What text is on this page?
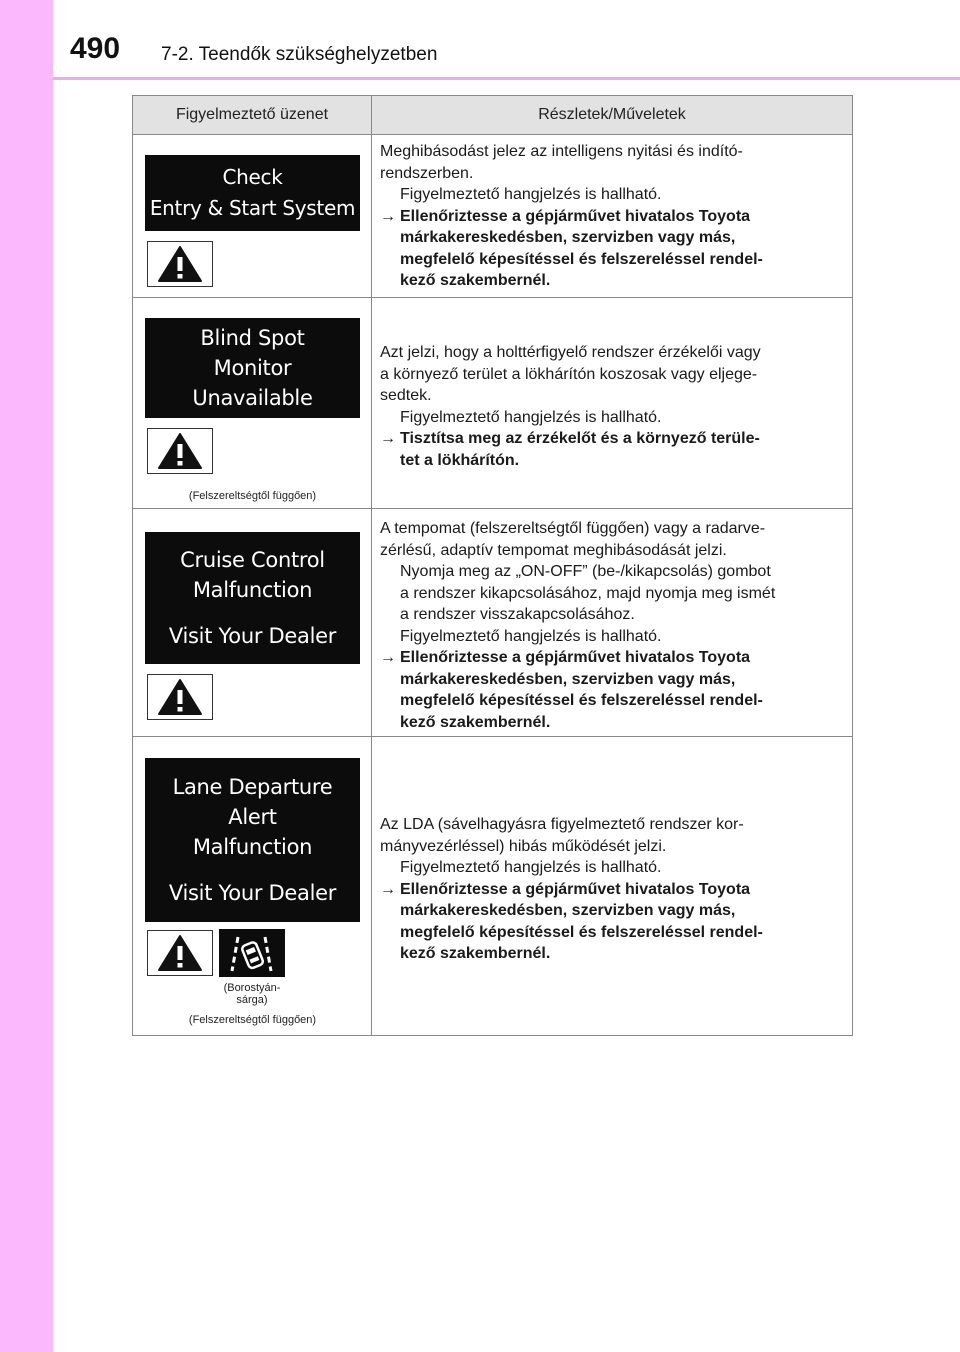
490 7-2. Teendők szükséghelyzetben
Figyelmeztető üzenet	Részletek/Műveletek
Check
Entry & Start System

Meghibásodást jelez az intelligens nyitási és indító-

rendszerben.

Figyelmeztető hangjelzés is hallható.

→ Ellenőriztesse a gépjárművet hivatalos Toyota
márkakereskedésben, szervizben vagy más,
megfelelő képesítéssel és felszereléssel rendel-
kező szakembernél.
Blind Spot
Monitor
Unavailable
(Felszereltségtől függően)

Azt jelzi, hogy a holttérfigyelő rendszer érzékelői vagy

a környező terület a lökhárítón koszosak vagy eljege-

sedtek.

Figyelmeztető hangjelzés is hallható.

→ Tisztítsa meg az érzékelőt és a környező terüle-
tet a lökhárítón.
Cruise Control
Malfunction
Visit Your Dealer

A tempomat (felszereltségtől függően) vagy a radarve-

zérlésű, adaptív tempomat meghibásodását jelzi.

Nyomja meg az „ON-OFF” (be-/kikapcsolás) gombot

a rendszer kikapcsolásához, majd nyomja meg ismét

a rendszer visszakapcsolásához.

Figyelmeztető hangjelzés is hallható.

→ Ellenőriztesse a gépjárművet hivatalos Toyota
márkakereskedésben, szervizben vagy más,
megfelelő képesítéssel és felszereléssel rendel-
kező szakembernél.
Lane Departure
Alert
Malfunction
Visit Your Dealer
(Borostyán-
sárga)
(Felszereltségtől függően)

Az LDA (sávelhagyásra figyelmeztető rendszer kor-

mányvezérléssel) hibás működését jelzi.

Figyelmeztető hangjelzés is hallható.

→ Ellenőriztesse a gépjárművet hivatalos Toyota
márkakereskedésben, szervizben vagy más,
megfelelő képesítéssel és felszereléssel rendel-
kező szakembernél.
